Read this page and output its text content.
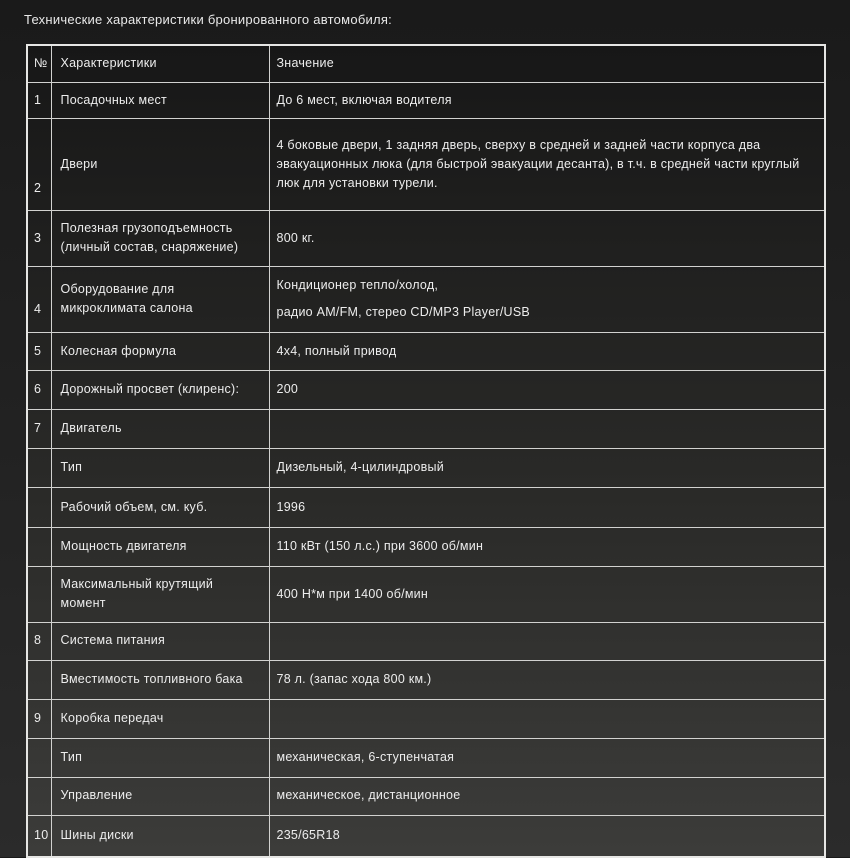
Технические характеристики бронированного автомобиля:

№	Характеристики	Значение
1	Посадочных мест	До 6 мест, включая водителя

2	Двери	4 боковые двери, 1 задняя дверь, сверху в средней и задней части корпуса два эвакуационных люка (для быстрой эвакуации десанта), в т.ч. в средней части круглый люк для установки турели.

3	Полезная грузоподъемность (личный состав, снаряжение)	800 кг.

4	Оборудование для микроклимата салона	Кондиционер тепло/холод,
радио AM/FM, стерео CD/MP3 Player/USB

5	Колесная формула	4x4, полный привод

6	Дорожный просвет (клиренс):	200

7	Двигатель	
	Тип	Дизельный, 4-цилиндровый

	Рабочий объем, см. куб.	1996

	Мощность двигателя	110 кВт (150 л.с.) при 3600 об/мин

	Максимальный крутящий момент	400 Н*м при 1400 об/мин

8	Система питания	
	Вместимость топливного бака	78 л. (запас хода 800 км.)

9	Коробка передач	
	Тип	механическая, 6-ступенчатая

	Управление	механическое, дистанционное

10	Шины диски	235/65R18
